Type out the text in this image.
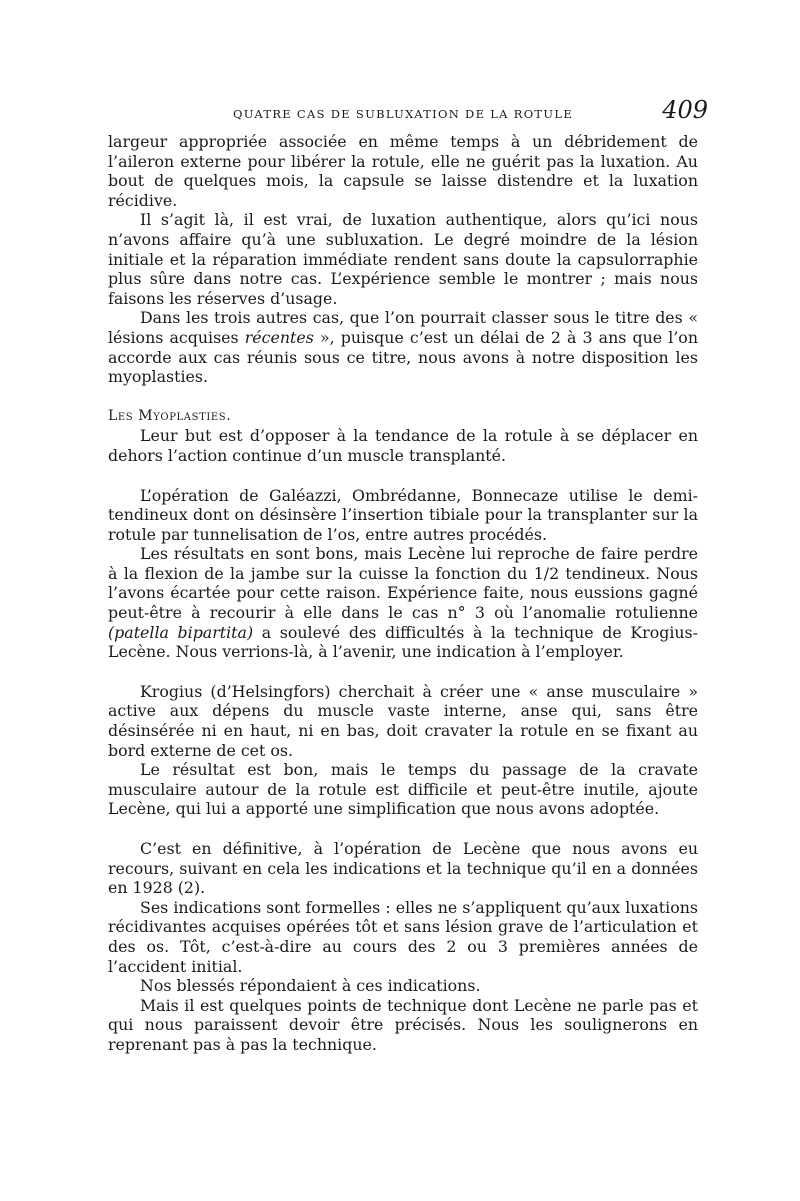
QUATRE CAS DE SUBLUXATION DE LA ROTULE	409

largeur appropriée associée en même temps à un débridement de l’aileron externe pour libérer la rotule, elle ne guérit pas la luxation. Au bout de quelques mois, la capsule se laisse distendre et la luxation récidive.

Il s’agit là, il est vrai, de luxation authentique, alors qu’ici nous n’avons affaire qu’à une subluxation. Le degré moindre de la lésion initiale et la réparation immédiate rendent sans doute la capsulorraphie plus sûre dans notre cas. L’expérience semble le montrer ; mais nous faisons les réserves d’usage.

Dans les trois autres cas, que l’on pourrait classer sous le titre des « lésions acquises récentes », puisque c’est un délai de 2 à 3 ans que l’on accorde aux cas réunis sous ce titre, nous avons à notre disposition les myoplasties.

Les Myoplasties.

Leur but est d’opposer à la tendance de la rotule à se déplacer en dehors l’action continue d’un muscle transplanté.

L’opération de Galéazzi, Ombrédanne, Bonnecaze utilise le demi-tendineux dont on désinsère l’insertion tibiale pour la transplanter sur la rotule par tunnelisation de l’os, entre autres procédés.

Les résultats en sont bons, mais Lecène lui reproche de faire perdre à la flexion de la jambe sur la cuisse la fonction du 1/2 tendineux. Nous l’avons écartée pour cette raison. Expérience faite, nous eussions gagné peut-être à recourir à elle dans le cas n° 3 où l’anomalie rotulienne (patella bipartita) a soulevé des difficultés à la technique de Krogius-Lecène. Nous verrions-là, à l’avenir, une indication à l’employer.

Krogius (d’Helsingfors) cherchait à créer une « anse musculaire » active aux dépens du muscle vaste interne, anse qui, sans être désinsérée ni en haut, ni en bas, doit cravater la rotule en se fixant au bord externe de cet os.

Le résultat est bon, mais le temps du passage de la cravate musculaire autour de la rotule est difficile et peut-être inutile, ajoute Lecène, qui lui a apporté une simplification que nous avons adoptée.

C’est en définitive, à l’opération de Lecène que nous avons eu recours, suivant en cela les indications et la technique qu’il en a données en 1928 (2).

Ses indications sont formelles : elles ne s’appliquent qu’aux luxations récidivantes acquises opérées tôt et sans lésion grave de l’articulation et des os. Tôt, c’est-à-dire au cours des 2 ou 3 premières années de l’accident initial.

Nos blessés répondaient à ces indications.

Mais il est quelques points de technique dont Lecène ne parle pas et qui nous paraissent devoir être précisés. Nous les soulignerons en reprenant pas à pas la technique.
